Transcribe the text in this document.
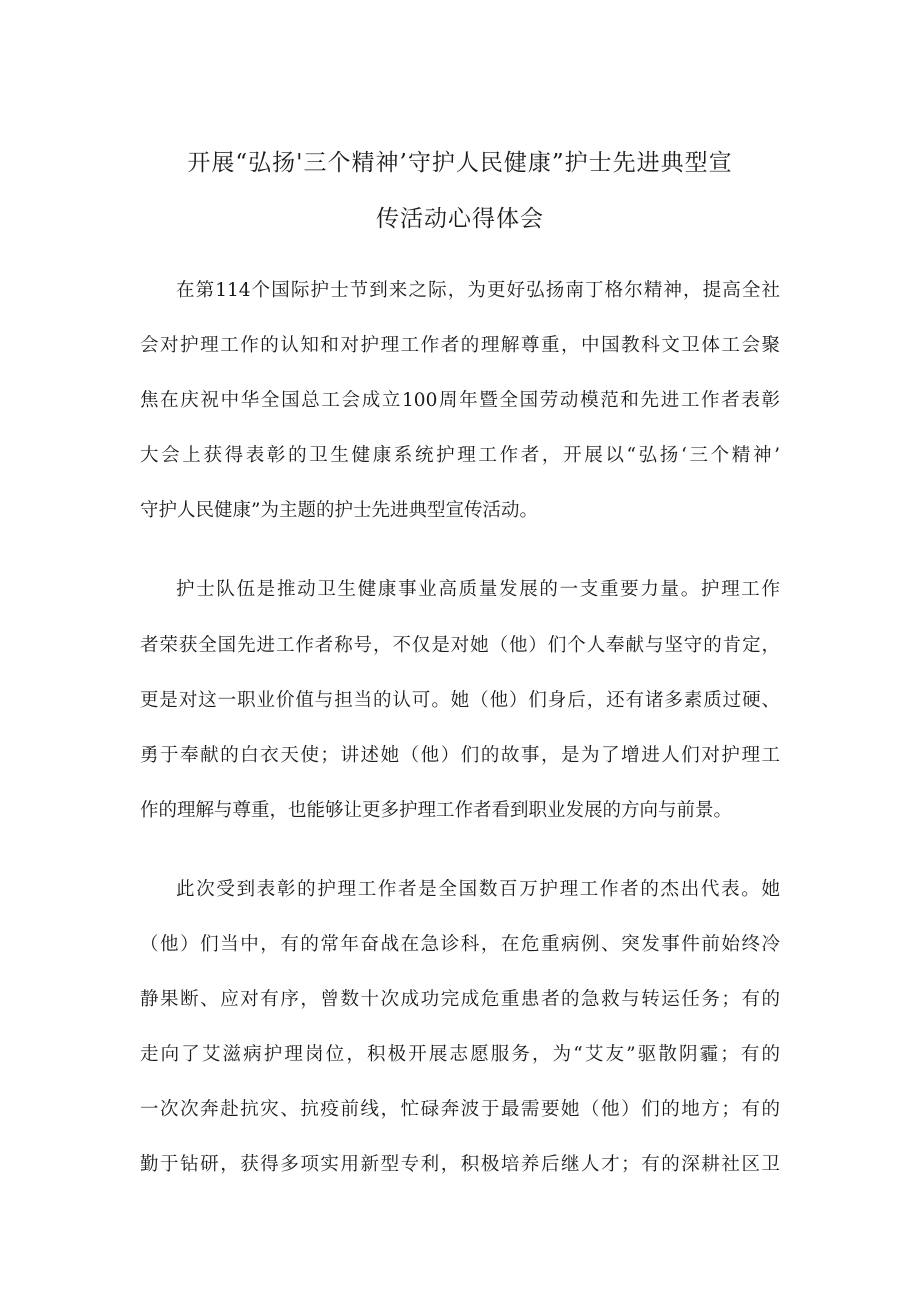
开展“弘扬'三个精神’守护人民健康”护士先进典型宣
传活动心得体会
在第114个国际护士节到来之际，为更好弘扬南丁格尔精神，提高全社
会对护理工作的认知和对护理工作者的理解尊重，中国教科文卫体工会聚
焦在庆祝中华全国总工会成立100周年暨全国劳动模范和先进工作者表彰
大会上获得表彰的卫生健康系统护理工作者，开展以“弘扬‘三个精神’
守护人民健康”为主题的护士先进典型宣传活动。
护士队伍是推动卫生健康事业高质量发展的一支重要力量。护理工作
者荣获全国先进工作者称号，不仅是对她（他）们个人奉献与坚守的肯定，
更是对这一职业价值与担当的认可。她（他）们身后，还有诸多素质过硬、
勇于奉献的白衣天使；讲述她（他）们的故事，是为了增进人们对护理工
作的理解与尊重，也能够让更多护理工作者看到职业发展的方向与前景。
此次受到表彰的护理工作者是全国数百万护理工作者的杰出代表。她
（他）们当中，有的常年奋战在急诊科，在危重病例、突发事件前始终冷
静果断、应对有序，曾数十次成功完成危重患者的急救与转运任务；有的
走向了艾滋病护理岗位，积极开展志愿服务，为“艾友”驱散阴霾；有的
一次次奔赴抗灾、抗疫前线，忙碌奔波于最需要她（他）们的地方；有的
勤于钻研，获得多项实用新型专利，积极培养后继人才；有的深耕社区卫
